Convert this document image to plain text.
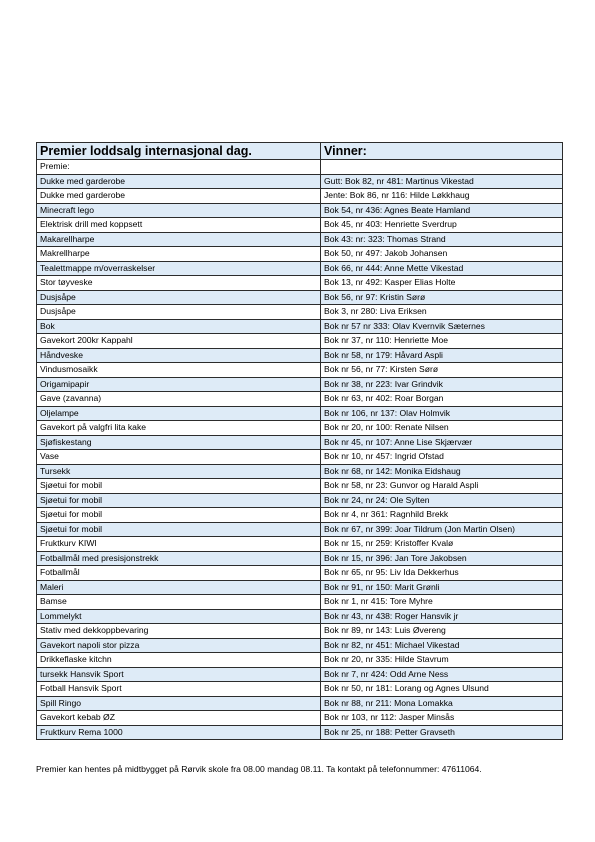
Premier loddsalg internasjonal dag.	Vinner:
Premie:	
Dukke med garderobe	Gutt: Bok 82, nr 481: Martinus Vikestad
Dukke med garderobe	Jente: Bok 86, nr 116: Hilde Løkkhaug
Minecraft lego	Bok 54, nr 436: Agnes Beate Hamland
Elektrisk drill med koppsett	Bok 45, nr 403: Henriette Sverdrup
Makarellharpe	Bok 43: nr: 323: Thomas Strand
Makrellharpe	Bok 50, nr 497: Jakob Johansen
Tealettmappe m/overraskelser	Bok 66, nr 444: Anne Mette Vikestad
Stor tøyveske	Bok 13, nr 492: Kasper Elias Holte
Dusjsåpe	Bok 56, nr 97: Kristin Sørø
Dusjsåpe	Bok 3, nr 280: Liva Eriksen
Bok	Bok nr 57 nr 333: Olav Kvernvik Sæternes
Gavekort 200kr Kappahl	Bok nr 37, nr 110: Henriette Moe
Håndveske	Bok nr 58, nr 179: Håvard Aspli
Vindusmosaikk	Bok nr 56, nr 77: Kirsten Sørø
Origamipapir	Bok nr 38, nr 223: Ivar Grindvik
Gave (zavanna)	Bok nr 63, nr 402: Roar Borgan
Oljelampe	Bok nr 106, nr 137: Olav Holmvik
Gavekort på valgfri lita kake	Bok nr 20, nr 100: Renate Nilsen
Sjøfiskestang	Bok nr 45, nr 107: Anne Lise Skjærvær
Vase	Bok nr 10, nr 457: Ingrid Ofstad
Tursekk	Bok nr 68, nr 142: Monika Eidshaug
Sjøetui for mobil	Bok nr 58, nr 23: Gunvor og Harald Aspli
Sjøetui for mobil	Bok nr 24, nr 24: Ole Sylten
Sjøetui for mobil	Bok nr 4, nr 361: Ragnhild Brekk
Sjøetui for mobil	Bok nr 67, nr 399: Joar Tildrum (Jon Martin Olsen)
Fruktkurv KIWI	Bok nr 15, nr 259: Kristoffer Kvalø
Fotballmål med presisjonstrekk	Bok nr 15, nr 396: Jan Tore Jakobsen
Fotballmål	Bok nr 65, nr 95: Liv Ida Dekkerhus
Maleri	Bok nr 91, nr 150: Marit Grønli
Bamse	Bok nr 1, nr 415: Tore Myhre
Lommelykt	Bok nr 43, nr 438: Roger Hansvik jr
Stativ med dekkoppbevaring	Bok nr 89, nr 143: Luis Øvereng
Gavekort napoli stor pizza	Bok nr 82, nr 451: Michael Vikestad
Drikkeflaske kitchn	Bok nr 20, nr 335: Hilde Stavrum
tursekk Hansvik Sport	Bok nr 7, nr 424: Odd Arne Ness
Fotball Hansvik Sport	Bok nr 50, nr 181: Lorang og Agnes Ulsund
Spill Ringo	Bok nr 88, nr 211: Mona Lomakka
Gavekort kebab ØZ	Bok nr 103, nr 112: Jasper Minsås
Fruktkurv Rema 1000	Bok nr 25, nr 188: Petter Gravseth
Premier kan hentes på midtbygget på Rørvik skole fra 08.00 mandag 08.11. Ta kontakt på telefonnummer: 47611064.
